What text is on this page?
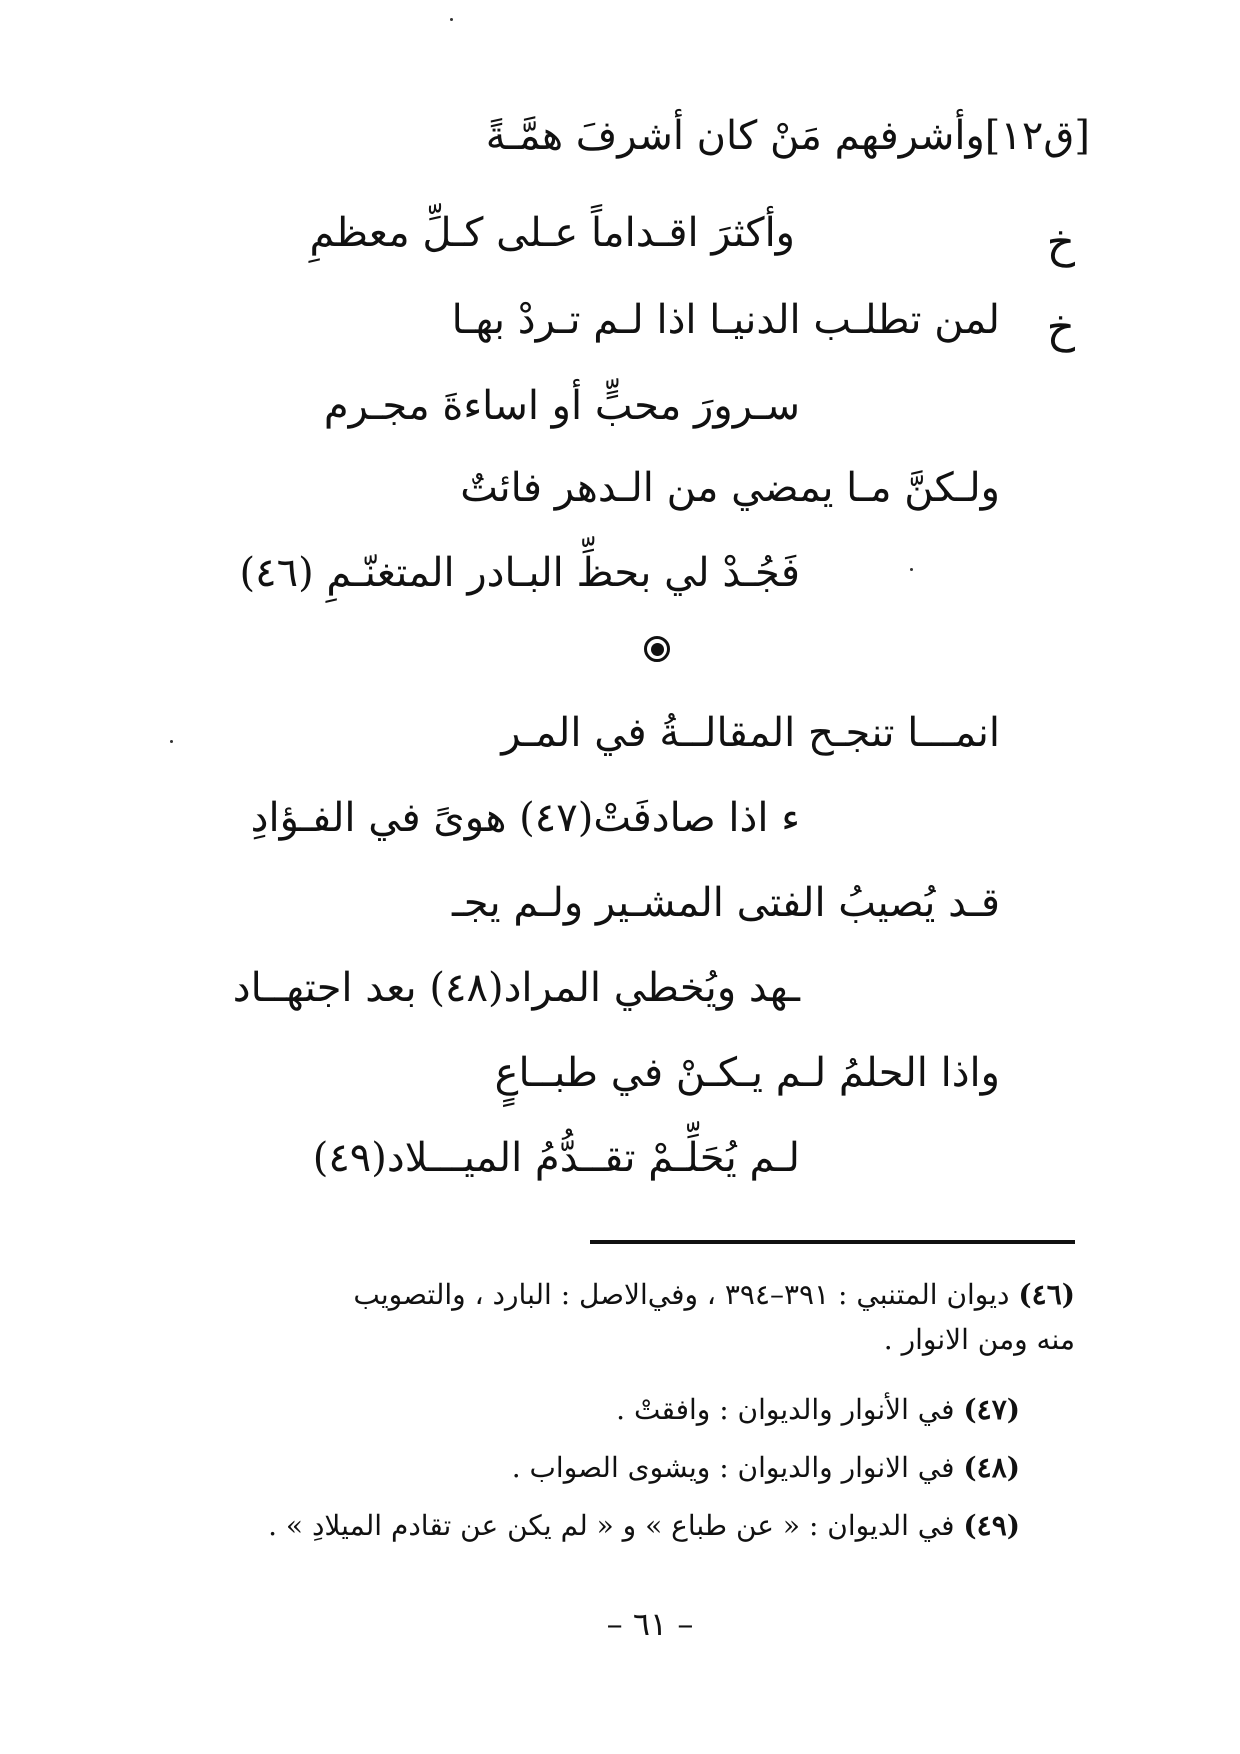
[ق١٢]وأشرفهم مَنْ كان أشرفَ همَّـةً
خ
وأكثرَ اقـداماً عـلى كـلِّ معظمِ
خ
لمن تطلـب الدنيـا اذا لـم تـردْ بهـا
سـرورَ محبٍّ أو اساءةَ مجـرم
ولـكنَّ مـا يمضي من الـدهر فائتٌ
فَجُـدْ لي بحظِّ البـادر المتغنّـمِ (٤٦)
انمـــا تنجـح المقالــةُ في المـر
ء اذا صادفَتْ(٤٧) هوىً في الفـؤادِ
قـد يُصيبُ الفتى المشـير ولـم يجـ
ـهد ويُخطي المراد(٤٨) بعد اجتهــاد
واذا الحلمُ لـم يـكـنْ في طبــاعٍ
لـم يُحَلِّـمْ تقــدُّمُ الميـــلاد(٤٩)
(٤٦) ديوان المتنبي : ٣٩١–٣٩٤ ، وفي‌الاصل : البارد ، والتصويب
منه ومن الانوار .
(٤٧) في الأنوار والديوان : وافقتْ .
(٤٨) في الانوار والديوان : ويشوى الصواب .
(٤٩) في الديوان : « عن طباع » و « لم يكن عن تقادم الميلادِ » .
– ٦١ –
